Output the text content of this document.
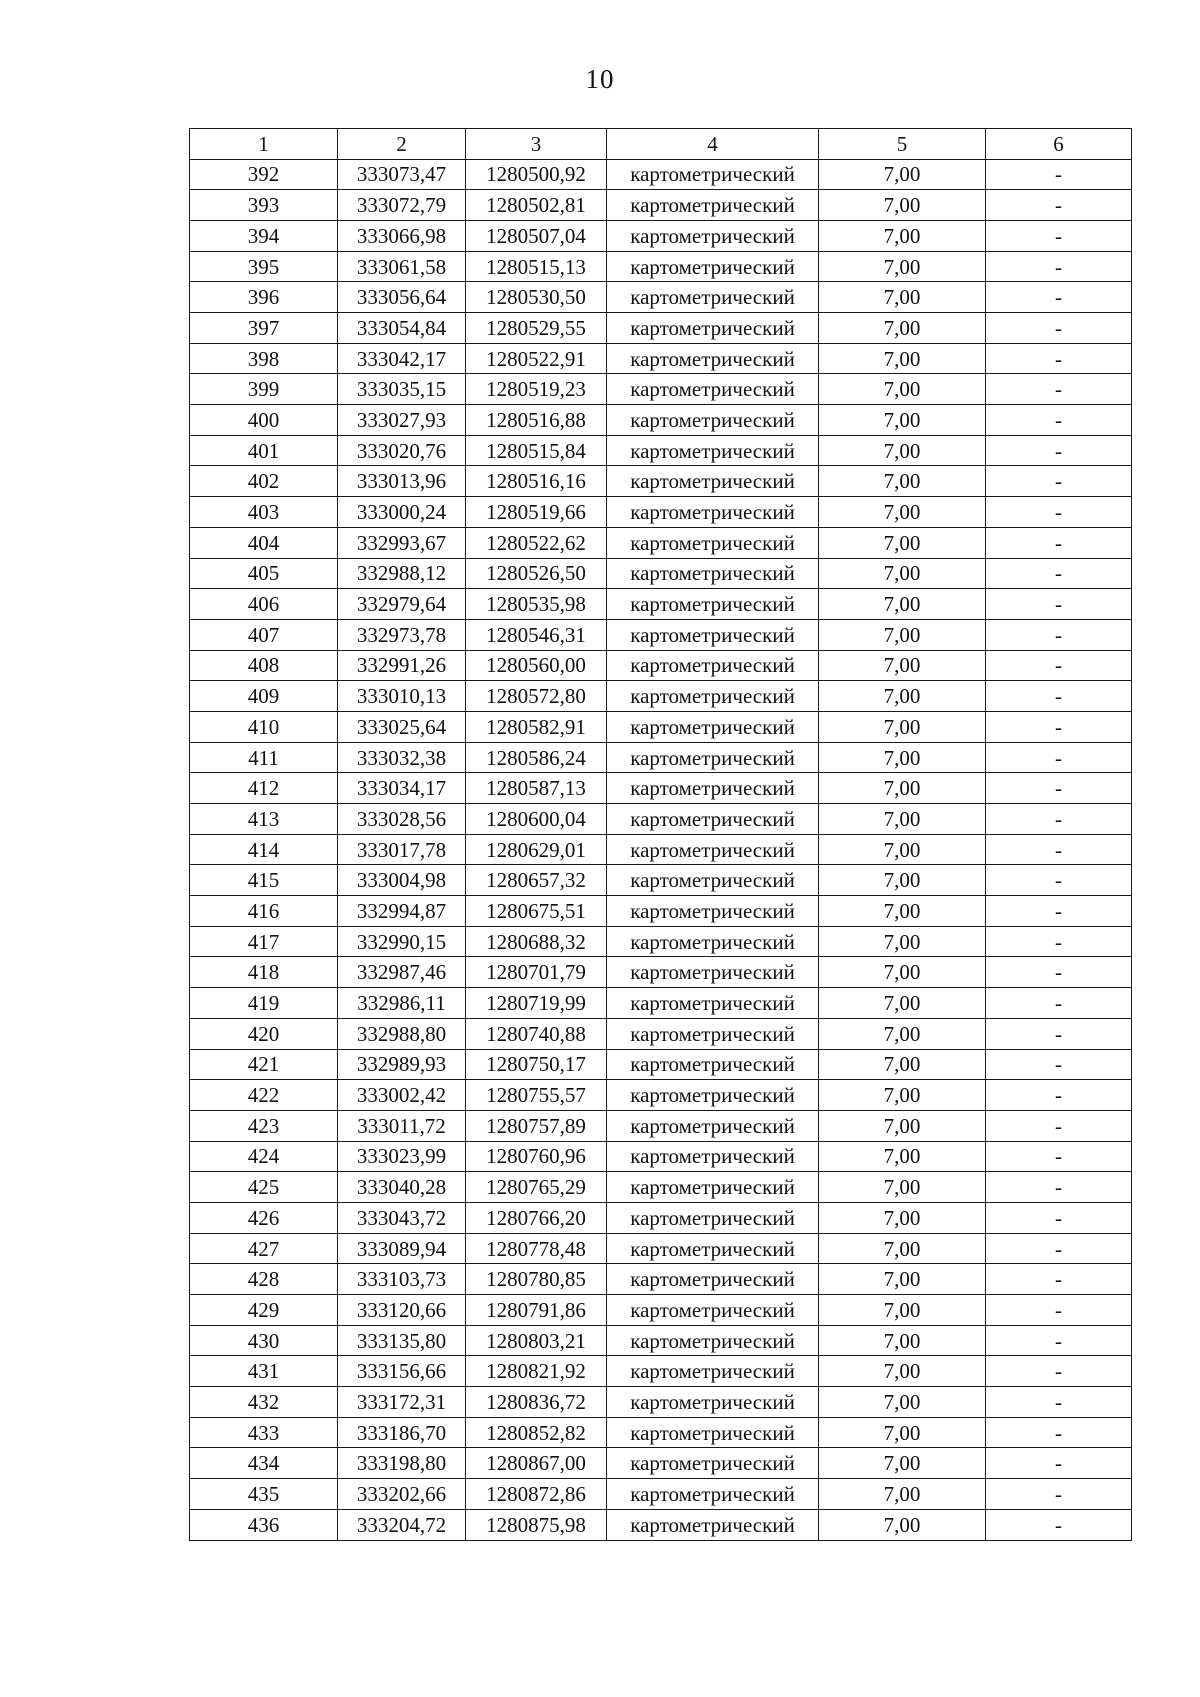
10
1	2	3	4	5	6
392	333073,47	1280500,92	картометрический	7,00	-
393	333072,79	1280502,81	картометрический	7,00	-
394	333066,98	1280507,04	картометрический	7,00	-
395	333061,58	1280515,13	картометрический	7,00	-
396	333056,64	1280530,50	картометрический	7,00	-
397	333054,84	1280529,55	картометрический	7,00	-
398	333042,17	1280522,91	картометрический	7,00	-
399	333035,15	1280519,23	картометрический	7,00	-
400	333027,93	1280516,88	картометрический	7,00	-
401	333020,76	1280515,84	картометрический	7,00	-
402	333013,96	1280516,16	картометрический	7,00	-
403	333000,24	1280519,66	картометрический	7,00	-
404	332993,67	1280522,62	картометрический	7,00	-
405	332988,12	1280526,50	картометрический	7,00	-
406	332979,64	1280535,98	картометрический	7,00	-
407	332973,78	1280546,31	картометрический	7,00	-
408	332991,26	1280560,00	картометрический	7,00	-
409	333010,13	1280572,80	картометрический	7,00	-
410	333025,64	1280582,91	картометрический	7,00	-
411	333032,38	1280586,24	картометрический	7,00	-
412	333034,17	1280587,13	картометрический	7,00	-
413	333028,56	1280600,04	картометрический	7,00	-
414	333017,78	1280629,01	картометрический	7,00	-
415	333004,98	1280657,32	картометрический	7,00	-
416	332994,87	1280675,51	картометрический	7,00	-
417	332990,15	1280688,32	картометрический	7,00	-
418	332987,46	1280701,79	картометрический	7,00	-
419	332986,11	1280719,99	картометрический	7,00	-
420	332988,80	1280740,88	картометрический	7,00	-
421	332989,93	1280750,17	картометрический	7,00	-
422	333002,42	1280755,57	картометрический	7,00	-
423	333011,72	1280757,89	картометрический	7,00	-
424	333023,99	1280760,96	картометрический	7,00	-
425	333040,28	1280765,29	картометрический	7,00	-
426	333043,72	1280766,20	картометрический	7,00	-
427	333089,94	1280778,48	картометрический	7,00	-
428	333103,73	1280780,85	картометрический	7,00	-
429	333120,66	1280791,86	картометрический	7,00	-
430	333135,80	1280803,21	картометрический	7,00	-
431	333156,66	1280821,92	картометрический	7,00	-
432	333172,31	1280836,72	картометрический	7,00	-
433	333186,70	1280852,82	картометрический	7,00	-
434	333198,80	1280867,00	картометрический	7,00	-
435	333202,66	1280872,86	картометрический	7,00	-
436	333204,72	1280875,98	картометрический	7,00	-
